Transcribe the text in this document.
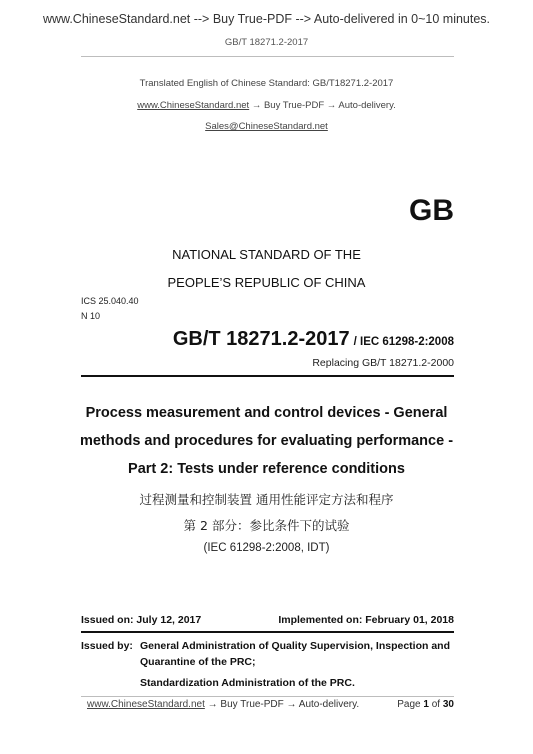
www.ChineseStandard.net --> Buy True-PDF --> Auto-delivered in 0~10 minutes.
GB/T 18271.2-2017
Translated English of Chinese Standard: GB/T18271.2-2017
www.ChineseStandard.net → Buy True-PDF → Auto-delivery.
Sales@ChineseStandard.net
GB
NATIONAL STANDARD OF THE
PEOPLE’S REPUBLIC OF CHINA
ICS 25.040.40
N 10
GB/T 18271.2-2017 / IEC 61298-2:2008
Replacing GB/T 18271.2-2000
Process measurement and control devices - General
methods and procedures for evaluating performance -
Part 2: Tests under reference conditions
过程测量和控制装置 通用性能评定方法和程序
第 2 部分：参比条件下的试验
(IEC 61298-2:2008, IDT)
Issued on: July 12, 2017	Implemented on: February 01, 2018
Issued by: General Administration of Quality Supervision, Inspection and
Quarantine of the PRC;
Standardization Administration of the PRC.
www.ChineseStandard.net → Buy True-PDF → Auto-delivery.	Page 1 of 30
